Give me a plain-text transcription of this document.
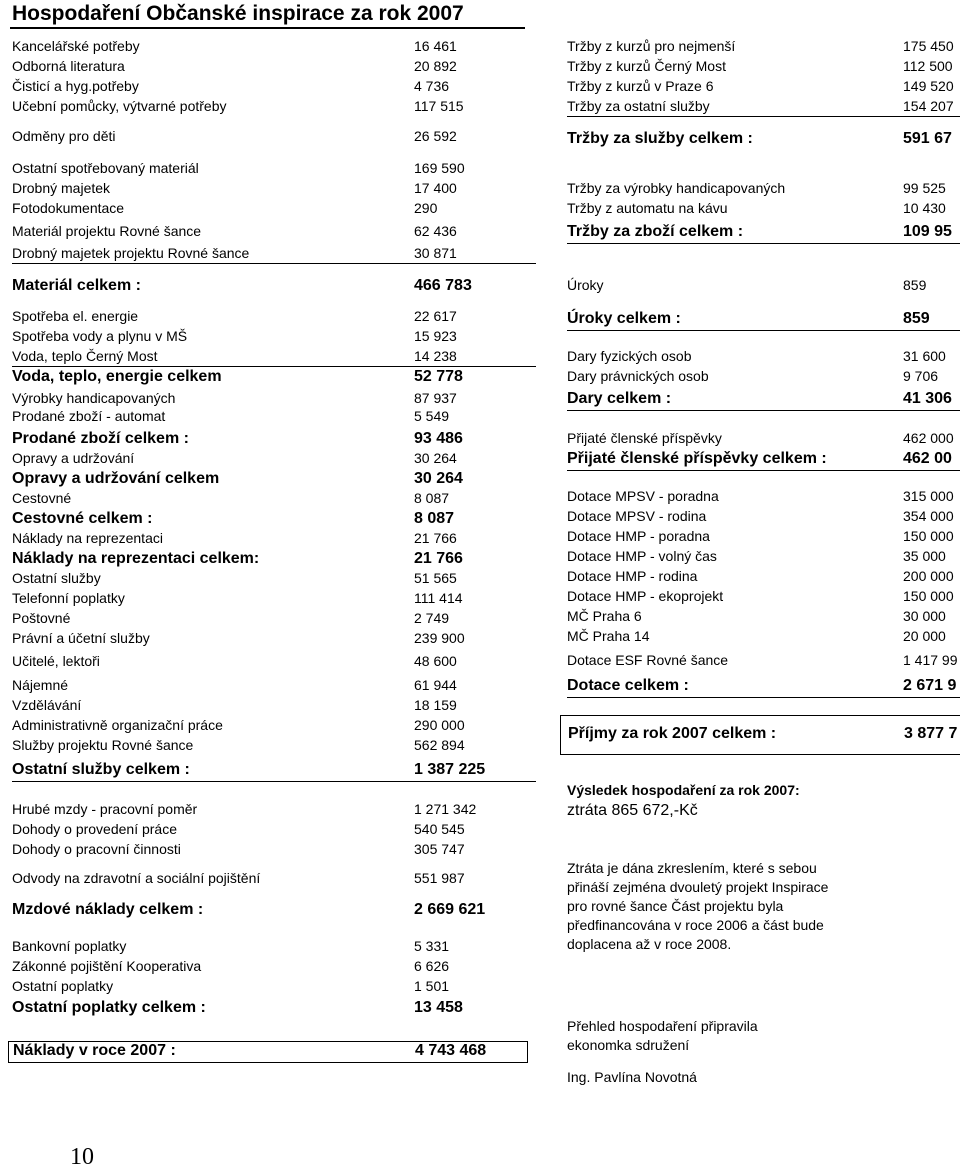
Hospodaření Občanské inspirace za rok 2007
Kancelářské potřeby	16 461
Odborná literatura	20 892
Čisticí a hyg.potřeby	4 736
Učební pomůcky, výtvarné potřeby	117 515
Odměny pro děti	26 592
Ostatní spotřebovaný materiál	169 590
Drobný majetek	17 400
Fotodokumentace	290
Materiál projektu Rovné šance	62 436
Drobný majetek projektu Rovné šance	30 871
Materiál celkem :	466 783
Spotřeba el. energie	22 617
Spotřeba vody a plynu v MŠ	15 923
Voda, teplo Černý Most	14 238
Voda, teplo, energie celkem	52 778
Výrobky handicapovaných	87 937
Prodané zboží - automat	5 549
Prodané zboží celkem :	93 486
Opravy a udržování	30 264
Opravy a udržování celkem	30 264
Cestovné	8 087
Cestovné celkem :	8 087
Náklady na reprezentaci	21 766
Náklady na reprezentaci celkem:	21 766
Ostatní služby	51 565
Telefonní poplatky	111 414
Poštovné	2 749
Právní a účetní služby	239 900
Učitelé, lektoři	48 600
Nájemné	61 944
Vzdělávání	18 159
Administrativně organizační práce	290 000
Služby projektu Rovné šance	562 894
Ostatní služby celkem :	1 387 225
Hrubé mzdy - pracovní poměr	1 271 342
Dohody o provedení práce	540 545
Dohody o pracovní činnosti	305 747
Odvody na zdravotní a sociální pojištění	551 987
Mzdové náklady celkem :	2 669 621
Bankovní poplatky	5 331
Zákonné pojištění Kooperativa	6 626
Ostatní poplatky	1 501
Ostatní poplatky celkem :	13 458
Náklady v roce 2007 :	4 743 468
Tržby z kurzů pro nejmenší	175 450
Tržby z kurzů Černý Most	112 500
Tržby z kurzů v Praze 6	149 520
Tržby za ostatní služby	154 207
Tržby za služby celkem :	591 67
Tržby za výrobky handicapovaných	99 525
Tržby z automatu na kávu	10 430
Tržby za zboží celkem :	109 95
Úroky	859
Úroky celkem :	859
Dary fyzických osob	31 600
Dary právnických osob	9 706
Dary celkem :	41 306
Přijaté členské příspěvky	462 000
Přijaté členské příspěvky celkem :	462 00
Dotace MPSV - poradna	315 000
Dotace MPSV - rodina	354 000
Dotace HMP - poradna	150 000
Dotace HMP - volný čas	35 000
Dotace HMP - rodina	200 000
Dotace HMP - ekoprojekt	150 000
MČ Praha 6	30 000
MČ Praha 14	20 000
Dotace ESF Rovné šance	1 417 99
Dotace celkem :	2 671 9
Příjmy za rok 2007 celkem :	3 877 7
Výsledek hospodaření za rok 2007:
ztráta 865 672,-Kč
Ztráta je dána zkreslením, které s sebou
přináší zejména dvouletý projekt Inspirace
pro rovné šance Část projektu byla
předfinancována v roce 2006 a část bude
doplacena až v roce 2008.
Přehled hospodaření připravila
ekonomka sdružení
Ing. Pavlína Novotná
10
